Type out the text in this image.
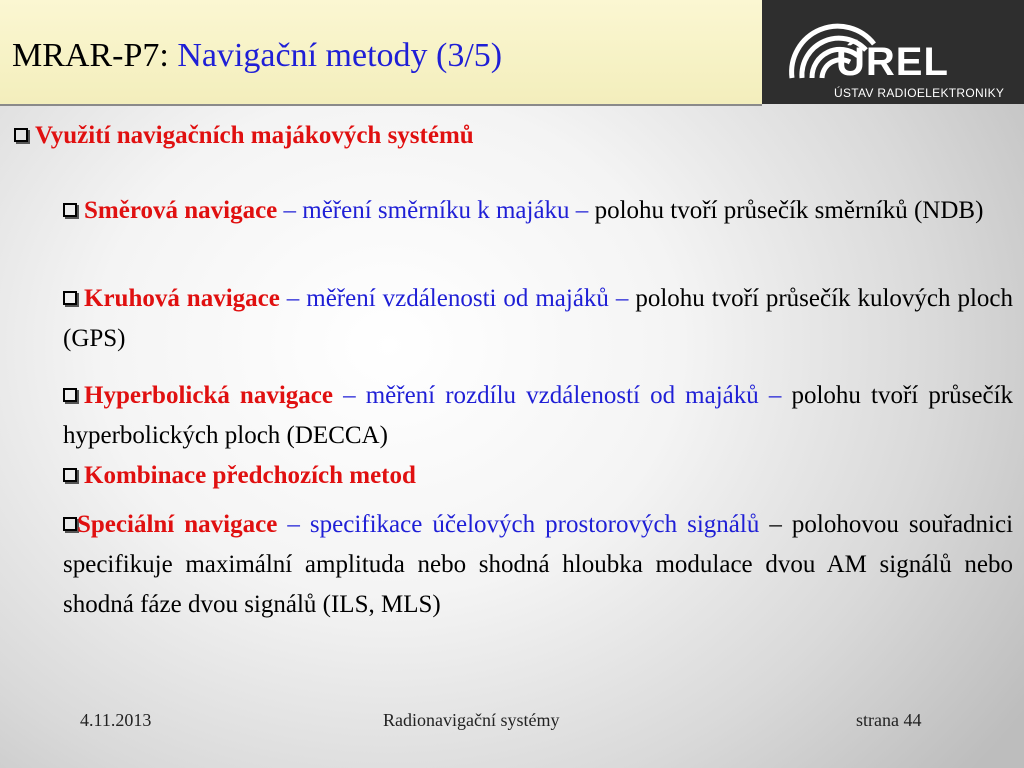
MRAR-P7: Navigační metody (3/5)	ÚREL
ÚSTAV RADIOELEKTRONIKY
Využití navigačních majákových systémů
Směrová navigace – měření směrníku k majáku – polohu tvoří průsečík směrníků (NDB)
Kruhová navigace – měření vzdálenosti od majáků – polohu tvoří průsečík kulových ploch (GPS)
Hyperbolická navigace – měření rozdílu vzdáleností od majáků – polohu tvoří průsečík hyperbolických ploch (DECCA)
Kombinace předchozích metod
Speciální navigace – specifikace účelových prostorových signálů – polohovou souřadnici specifikuje maximální amplituda nebo shodná hloubka modulace dvou AM signálů nebo shodná fáze dvou signálů (ILS, MLS)
4.11.2013	Radionavigační systémy	strana 44
